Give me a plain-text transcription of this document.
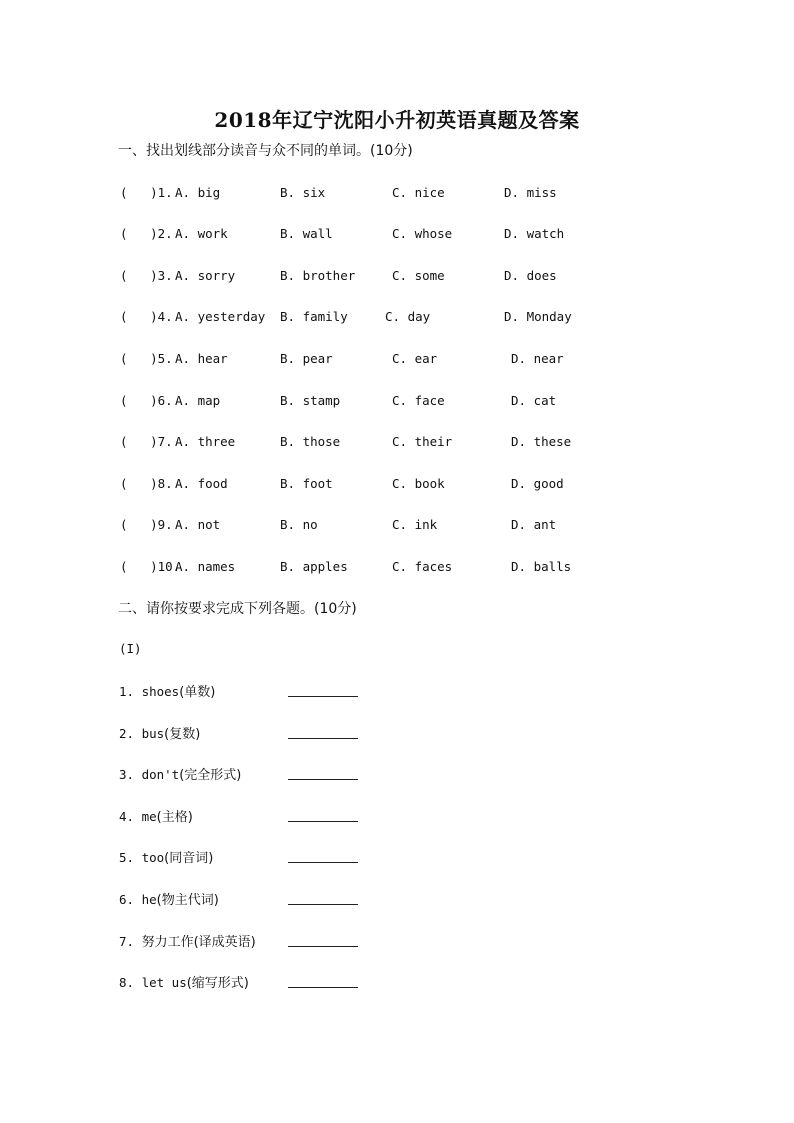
2018年辽宁沈阳小升初英语真题及答案
一、找出划线部分读音与众不同的单词。(10分)
(   )1.
A. big	B. six	C. nice	D. miss
(   )2.
A. work	B. wall	C. whose	D. watch
(   )3.
A. sorry	B. brother	C. some	D. does
(   )4.
A. yesterday B. family	C. day	D. Monday
(   )5.
A. hear	B. pear	C. ear	D. near
(   )6.
A. map	B. stamp	C. face	D. cat
(   )7.
A. three	B. those	C. their	D. these
(   )8.
A. food	B. foot	C. book	D. good
(   )9.
A. not	B. no	C. ink	D. ant
(   )10.
A. names	B. apples	C. faces	D. balls
二、请你按要求完成下列各题。(10分)
(I)
1. shoes(单数)
2. bus(复数)
3. don't(完全形式)
4. me(主格)
5. too(同音词)
6. he(物主代词)
7. 努力工作(译成英语)
8. let us(缩写形式)
